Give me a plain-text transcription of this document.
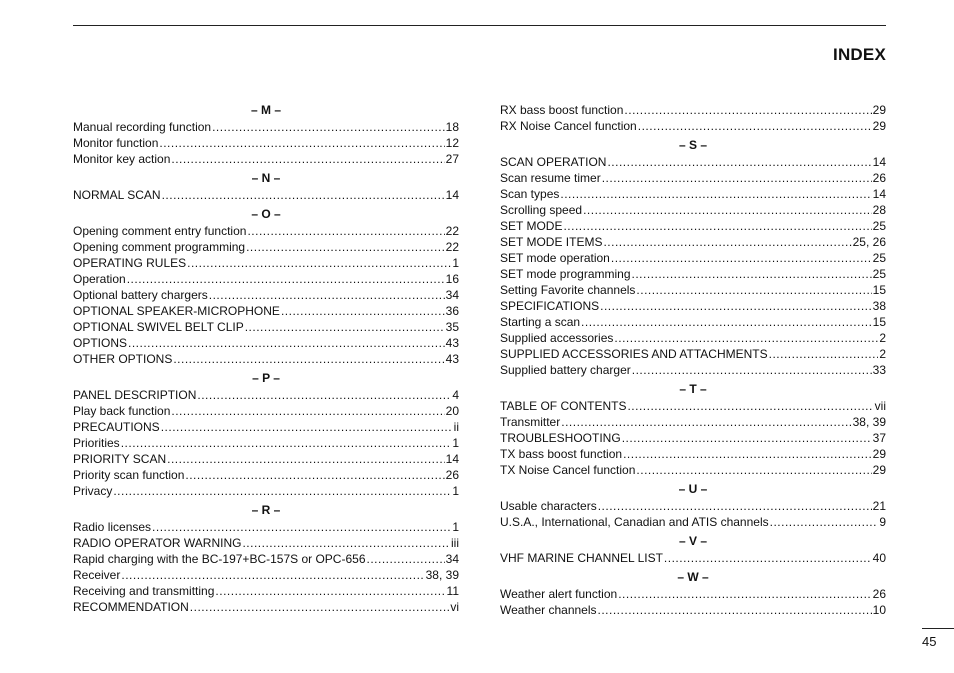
INDEX
– M –
Manual recording function .....	18
Monitor function .....	12
Monitor key action .....	27
– N –
NORMAL SCAN .....	14
– O –
Opening comment entry function .....	22
Opening comment programming .....	22
OPERATING RULES .....	1
Operation .....	16
Optional battery chargers .....	34
OPTIONAL SPEAKER-MICROPHONE .....	36
OPTIONAL SWIVEL BELT CLIP .....	35
OPTIONS .....	43
OTHER OPTIONS .....	43
– P –
PANEL DESCRIPTION .....	4
Play back function .....	20
PRECAUTIONS .....	ii
Priorities .....	1
PRIORITY SCAN .....	14
Priority scan function .....	26
Privacy .....	1
– R –
Radio licenses .....	1
RADIO OPERATOR WARNING .....	iii
Rapid charging with the BC-197+BC-157S or OPC-656 .....	34
Receiver .....	38, 39
Receiving and transmitting .....	11
RECOMMENDATION .....	vi
RX bass boost function .....	29
RX Noise Cancel function .....	29
– S –
SCAN OPERATION .....	14
Scan resume timer .....	26
Scan types .....	14
Scrolling speed .....	28
SET MODE .....	25
SET MODE ITEMS .....	25, 26
SET mode operation .....	25
SET mode programming .....	25
Setting Favorite channels .....	15
SPECIFICATIONS .....	38
Starting a scan .....	15
Supplied accessories .....	2
SUPPLIED ACCESSORIES AND ATTACHMENTS .....	2
Supplied battery charger .....	33
– T –
TABLE OF CONTENTS .....	vii
Transmitter .....	38, 39
TROUBLESHOOTING .....	37
TX bass boost function .....	29
TX Noise Cancel function .....	29
– U –
Usable characters .....	21
U.S.A., International, Canadian and ATIS channels .....	9
– V –
VHF MARINE CHANNEL LIST .....	40
– W –
Weather alert function .....	26
Weather channels .....	10
45
